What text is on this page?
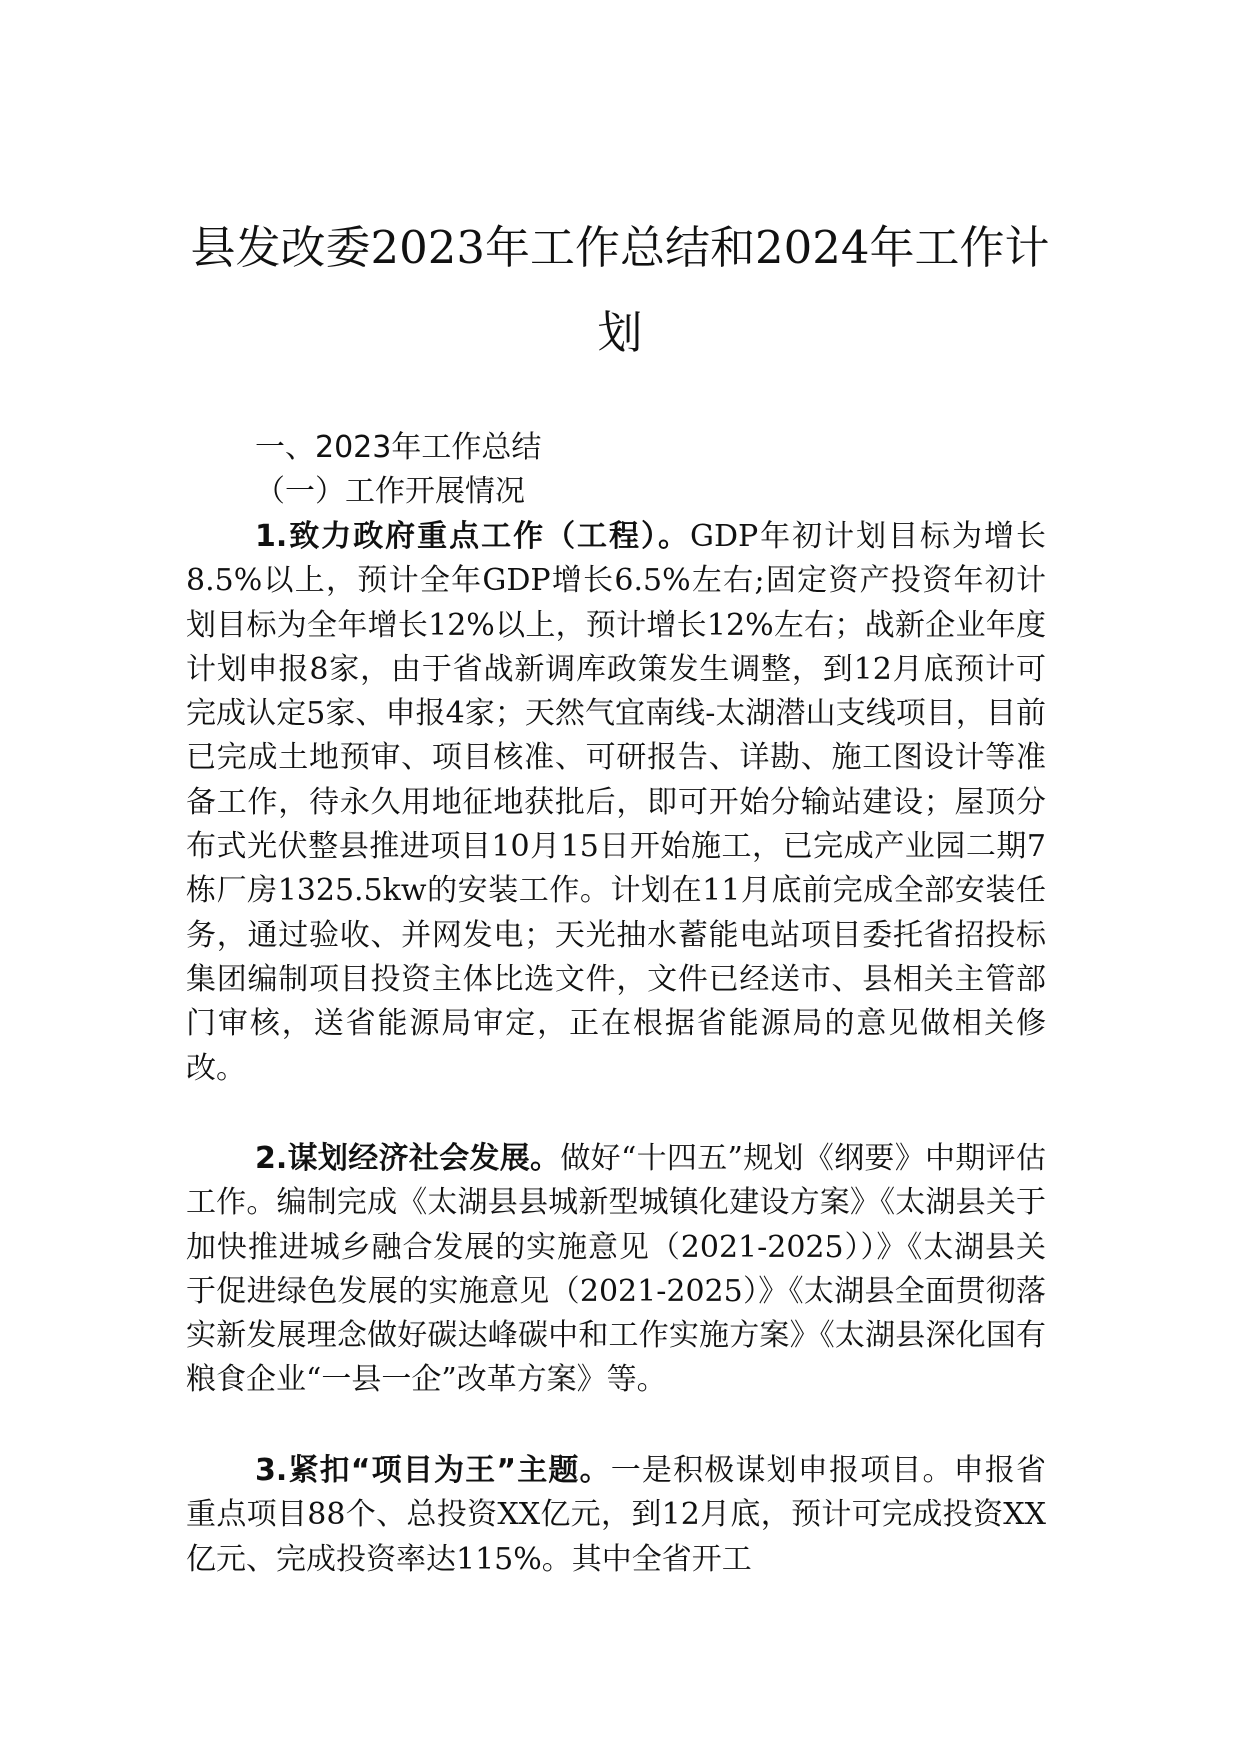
县发改委2023年工作总结和2024年工作计
划
一、2023年工作总结
（一）工作开展情况

1.致力政府重点工作（工程）。GDP年初计划目标为增长8.5%以上，预计全年GDP增长6.5%左右;固定资产投资年初计划目标为全年增长12%以上，预计增长12%左右；战新企业年度计划申报8家，由于省战新调库政策发生调整，到12月底预计可完成认定5家、申报4家；天然气宜南线-太湖潜山支线项目，目前已完成土地预审、项目核准、可研报告、详勘、施工图设计等准备工作，待永久用地征地获批后，即可开始分输站建设；屋顶分布式光伏整县推进项目10月15日开始施工，已完成产业园二期7栋厂房1325.5kw的安装工作。计划在11月底前完成全部安装任务，通过验收、并网发电；天光抽水蓄能电站项目委托省招投标集团编制项目投资主体比选文件，文件已经送市、县相关主管部门审核，送省能源局审定，正在根据省能源局的意见做相关修改。

2.谋划经济社会发展。做好“十四五”规划《纲要》中期评估工作。编制完成《太湖县县城新型城镇化建设方案》《太湖县关于加快推进城乡融合发展的实施意见（2021-2025））》《太湖县关于促进绿色发展的实施意见（2021-2025）》《太湖县全面贯彻落实新发展理念做好碳达峰碳中和工作实施方案》《太湖县深化国有粮食企业“一县一企”改革方案》等。

3.紧扣“项目为王”主题。一是积极谋划申报项目。申报省重点项目88个、总投资XX亿元，到12月底，预计可完成投资XX亿元、完成投资率达115%。其中全省开工
